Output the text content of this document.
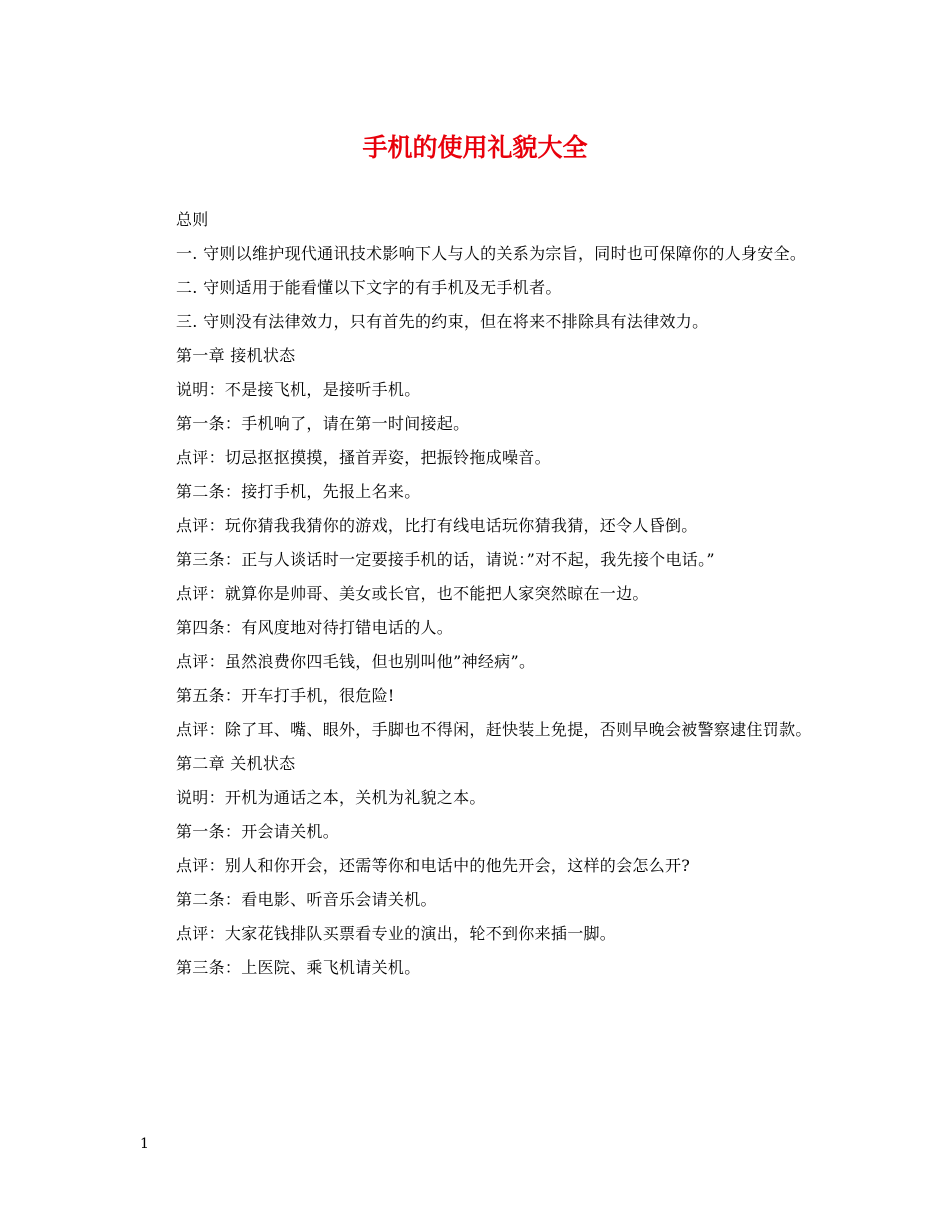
手机的使用礼貌大全

总则

一. 守则以维护现代通讯技术影响下人与人的关系为宗旨，同时也可保障你的人身安全。

二. 守则适用于能看懂以下文字的有手机及无手机者。

三. 守则没有法律效力，只有首先的约束，但在将来不排除具有法律效力。

第一章 接机状态

说明：不是接飞机，是接听手机。

第一条：手机响了，请在第一时间接起。

点评：切忌抠抠摸摸，搔首弄姿，把振铃拖成噪音。

第二条：接打手机，先报上名来。

点评：玩你猜我我猜你的游戏，比打有线电话玩你猜我猜，还令人昏倒。

第三条：正与人谈话时一定要接手机的话，请说：”对不起，我先接个电话。”

点评：就算你是帅哥、美女或长官，也不能把人家突然晾在一边。

第四条：有风度地对待打错电话的人。

点评：虽然浪费你四毛钱，但也别叫他”神经病”。

第五条：开车打手机，很危险!

点评：除了耳、嘴、眼外，手脚也不得闲，赶快装上免提，否则早晚会被警察逮住罚款。

第二章 关机状态

说明：开机为通话之本，关机为礼貌之本。

第一条：开会请关机。

点评：别人和你开会，还需等你和电话中的他先开会，这样的会怎么开?

第二条：看电影、听音乐会请关机。

点评：大家花钱排队买票看专业的演出，轮不到你来插一脚。

第三条：上医院、乘飞机请关机。

1
